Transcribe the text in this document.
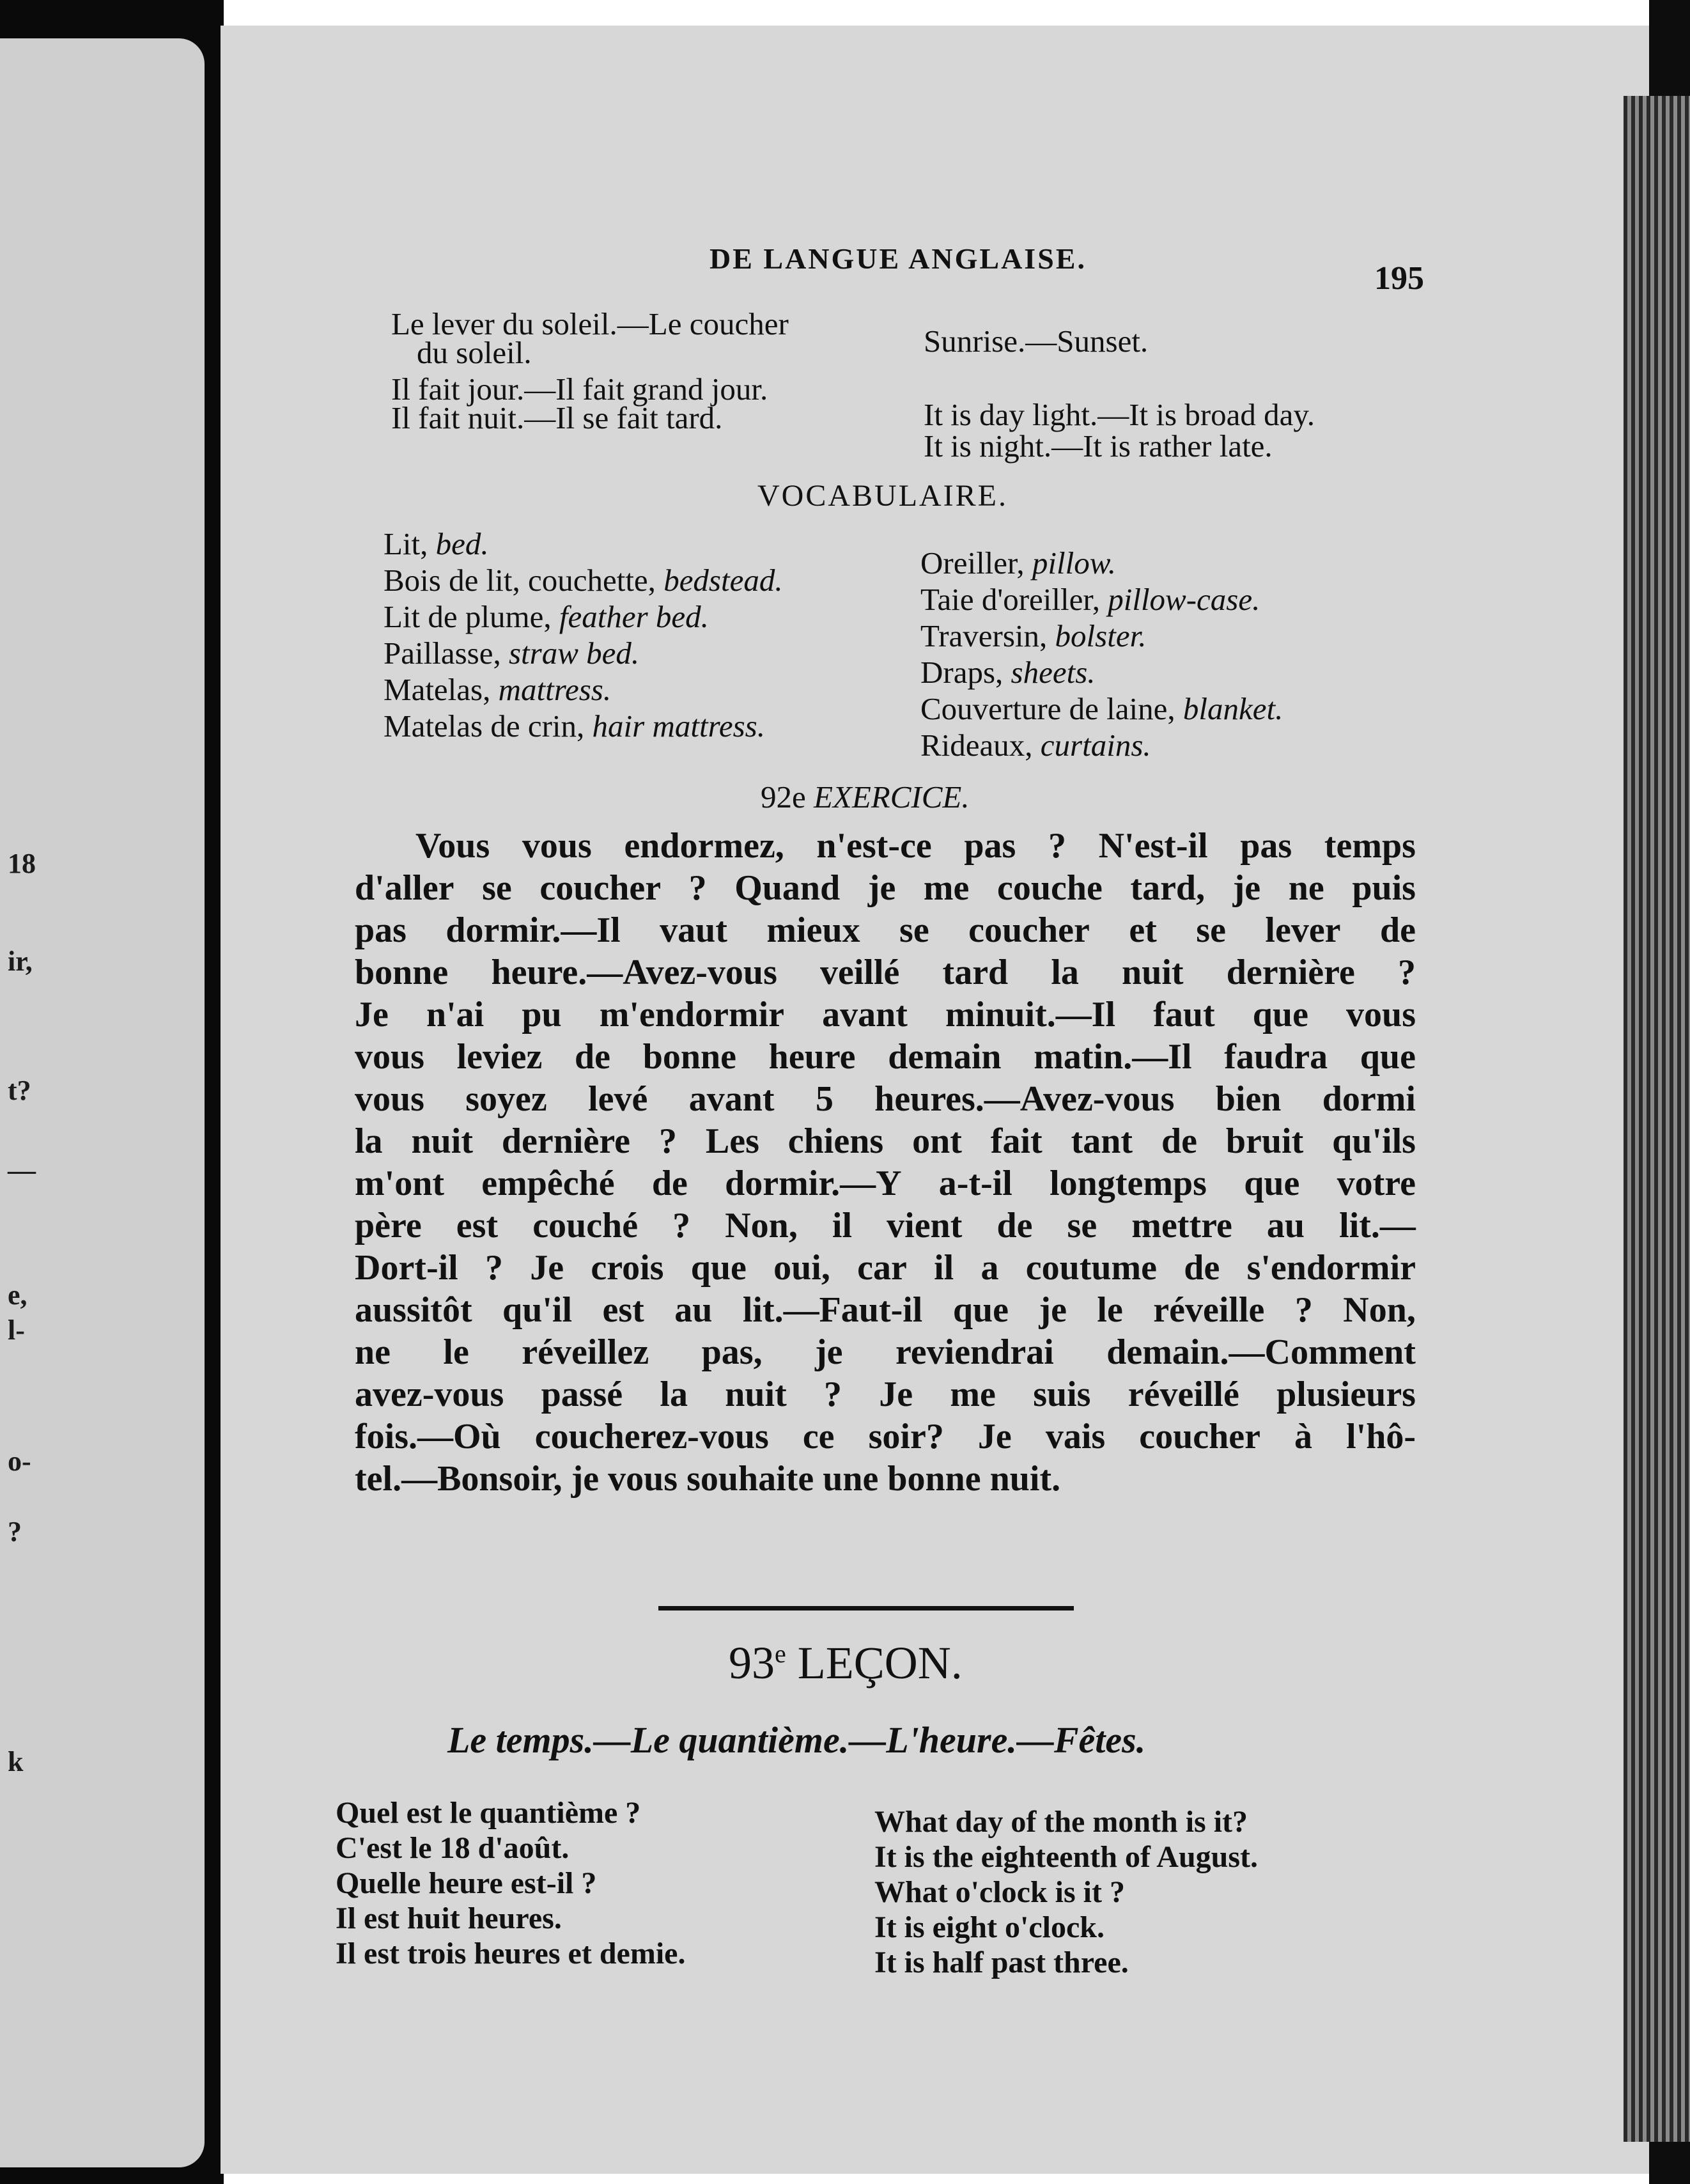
18
ir,
t?
—
e,
l-
o-
?
k
DE LANGUE ANGLAISE.
195
Le lever du soleil.—Le coucher
du soleil.
Il fait jour.—Il fait grand jour.
Il fait nuit.—Il se fait tard.
Sunrise.—Sunset.
It is day light.—It is broad day.
It is night.—It is rather late.
VOCABULAIRE.
Lit, bed.
Bois de lit, couchette, bedstead.
Lit de plume, feather bed.
Paillasse, straw bed.
Matelas, mattress.
Matelas de crin, hair mattress.
Oreiller, pillow.
Taie d'oreiller, pillow-case.
Traversin, bolster.
Draps, sheets.
Couverture de laine, blanket.
Rideaux, curtains.
92e EXERCICE.
Vous vous endormez, n'est-ce pas ? N'est-il pas temps
d'aller se coucher ? Quand je me couche tard, je ne puis
pas dormir.—Il vaut mieux se coucher et se lever de
bonne heure.—Avez-vous veillé tard la nuit dernière ?
Je n'ai pu m'endormir avant minuit.—Il faut que vous
vous leviez de bonne heure demain matin.—Il faudra que
vous soyez levé avant 5 heures.—Avez-vous bien dormi
la nuit dernière ? Les chiens ont fait tant de bruit qu'ils
m'ont empêché de dormir.—Y a-t-il longtemps que votre
père est couché ? Non, il vient de se mettre au lit.—
Dort-il ? Je crois que oui, car il a coutume de s'endormir
aussitôt qu'il est au lit.—Faut-il que je le réveille ? Non,
ne le réveillez pas, je reviendrai demain.—Comment
avez-vous passé la nuit ? Je me suis réveillé plusieurs
fois.—Où coucherez-vous ce soir? Je vais coucher à l'hô-
tel.—Bonsoir, je vous souhaite une bonne nuit.
93e LEÇON.
Le temps.—Le quantième.—L'heure.—Fêtes.
Quel est le quantième ?
C'est le 18 d'août.
Quelle heure est-il ?
Il est huit heures.
Il est trois heures et demie.
What day of the month is it?
It is the eighteenth of August.
What o'clock is it ?
It is eight o'clock.
It is half past three.
